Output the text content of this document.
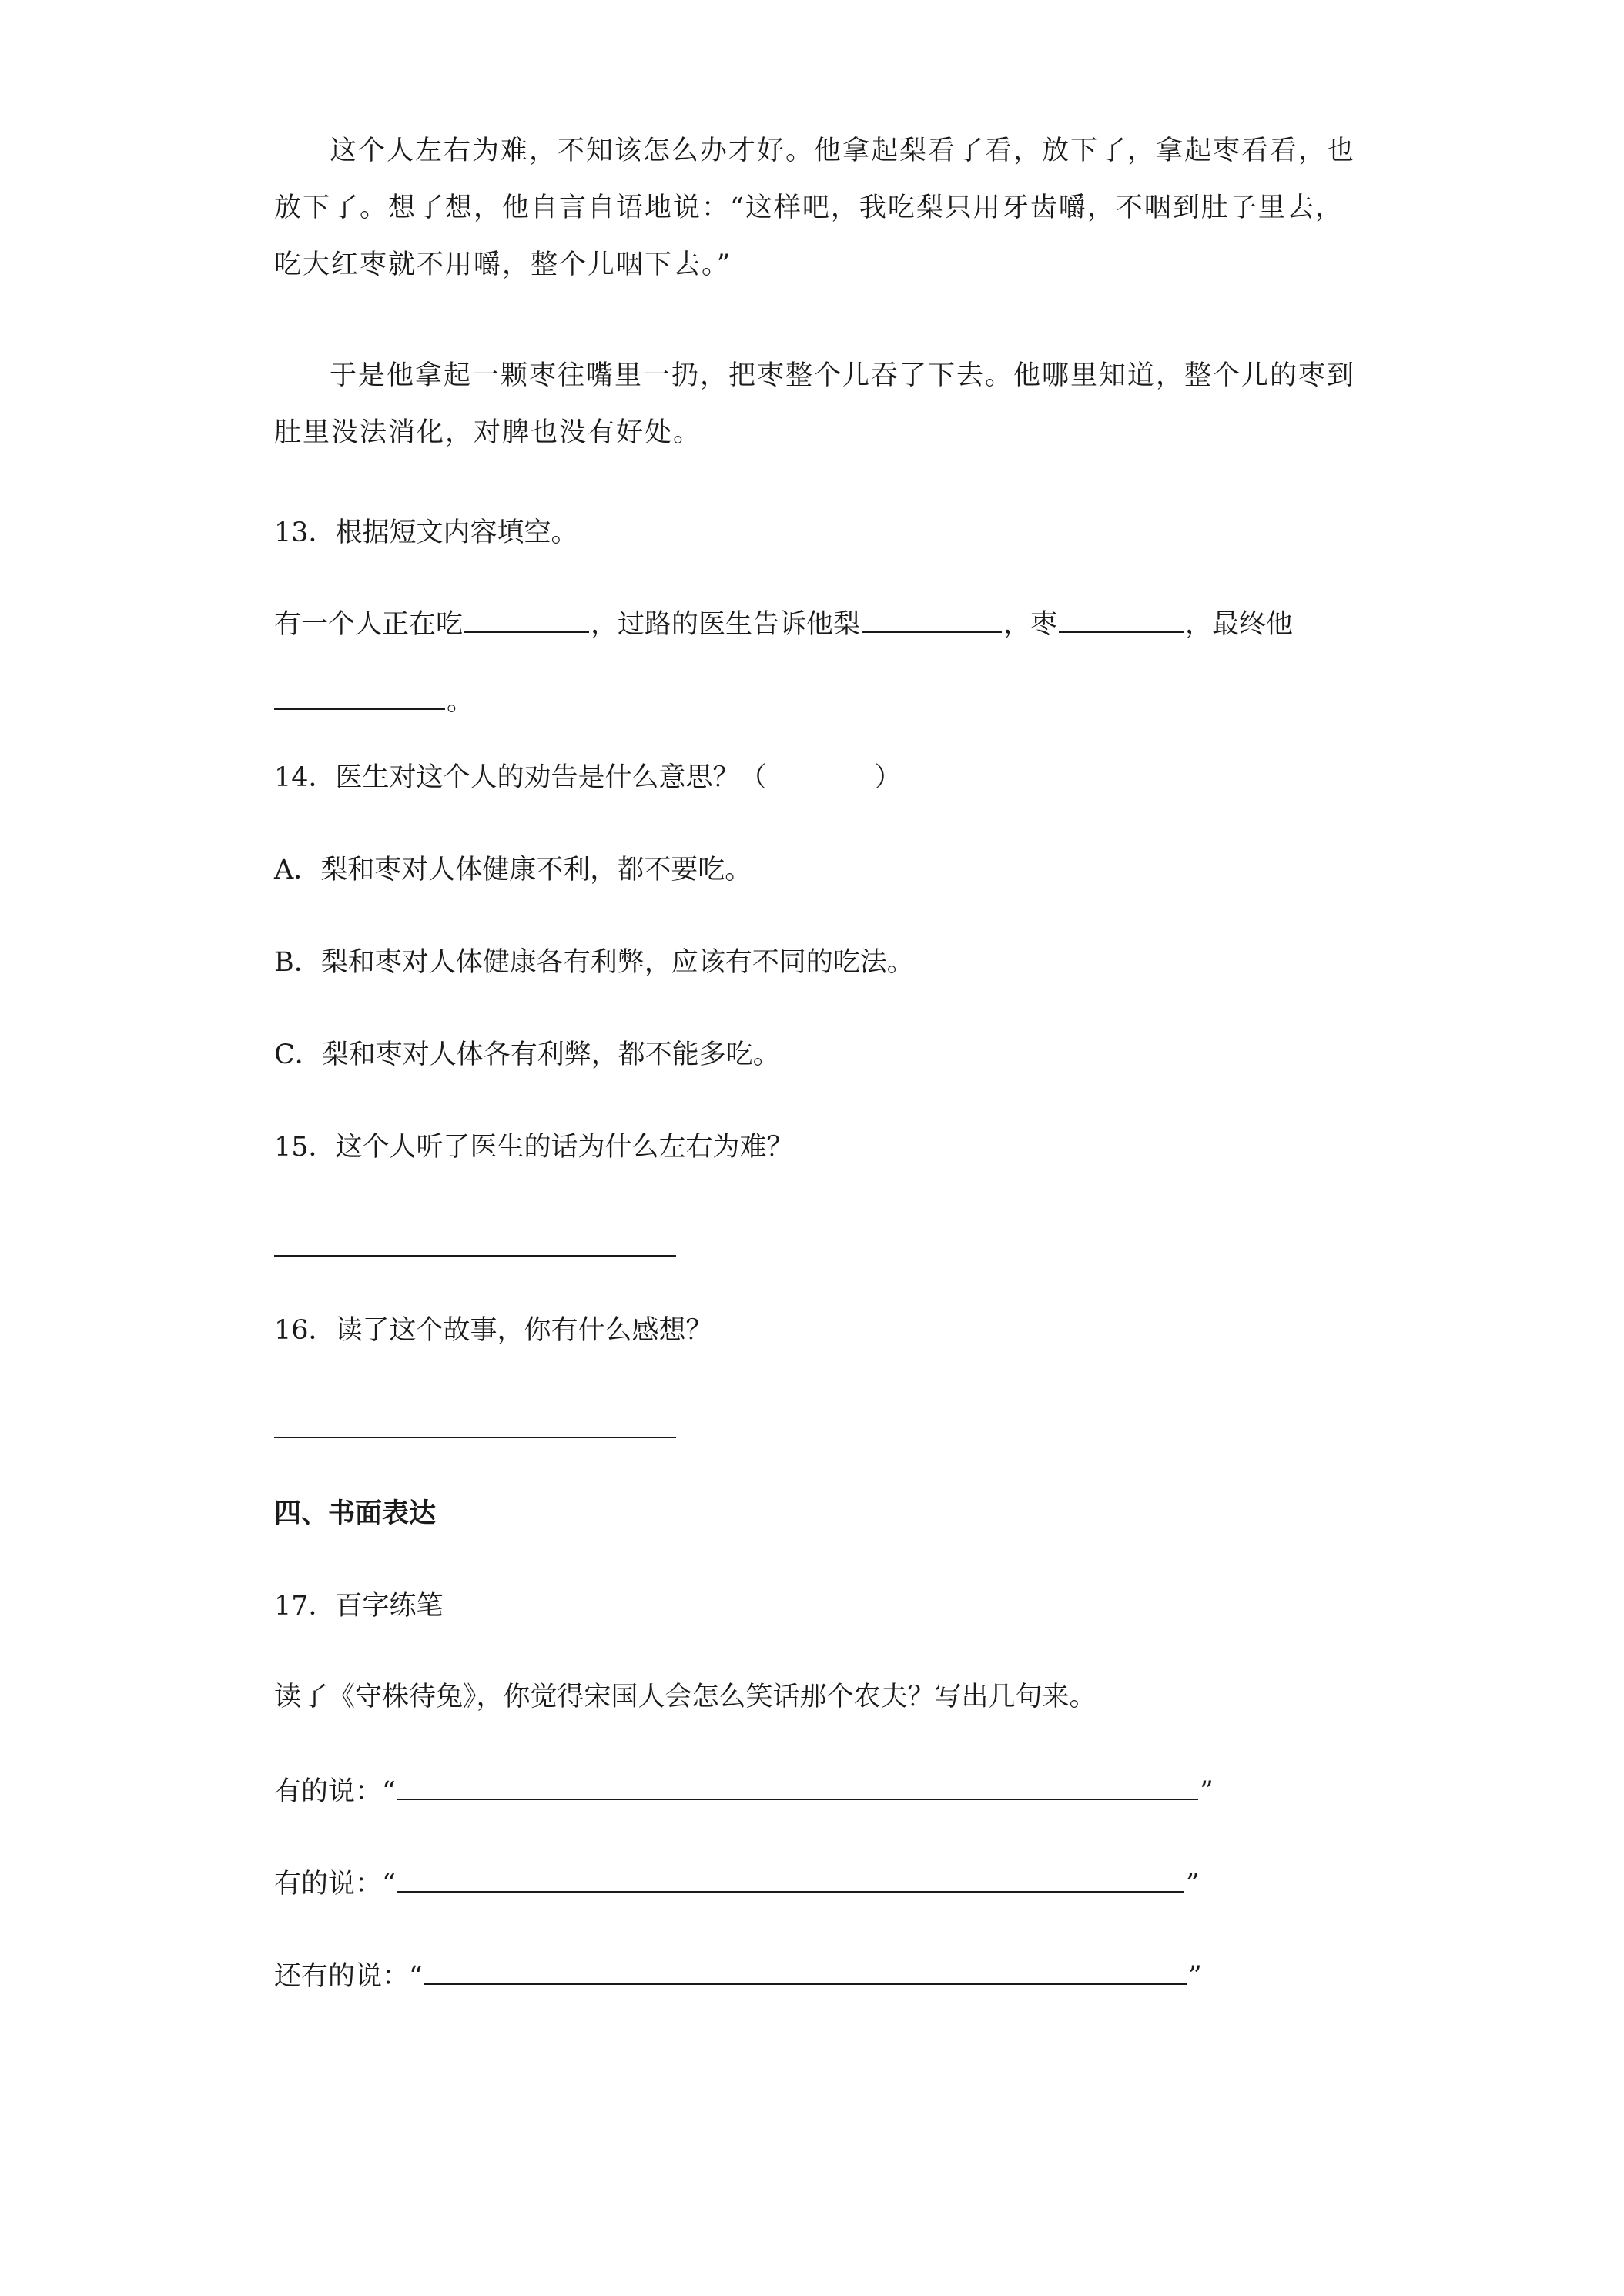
这个人左右为难，不知该怎么办才好。他拿起梨看了看，放下了，拿起枣看看，也
放下了。想了想，他自言自语地说：“这样吧，我吃梨只用牙齿嚼，不咽到肚子里去，
吃大红枣就不用嚼，整个儿咽下去。”
于是他拿起一颗枣往嘴里一扔，把枣整个儿吞了下去。他哪里知道，整个儿的枣到
肚里没法消化，对脾也没有好处。
13．根据短文内容填空。
有一个人正在吃	，过路的医生告诉他梨	，枣	，最终他
。
14．医生对这个人的劝告是什么意思？（	）
A．梨和枣对人体健康不利，都不要吃。
B．梨和枣对人体健康各有利弊，应该有不同的吃法。
C．梨和枣对人体各有利弊，都不能多吃。
15．这个人听了医生的话为什么左右为难？
16．读了这个故事，你有什么感想？
四、书面表达
17．百字练笔
读了《守株待兔》，你觉得宋国人会怎么笑话那个农夫？写出几句来。
有的说：“	”
有的说：“	”
还有的说：“	”
